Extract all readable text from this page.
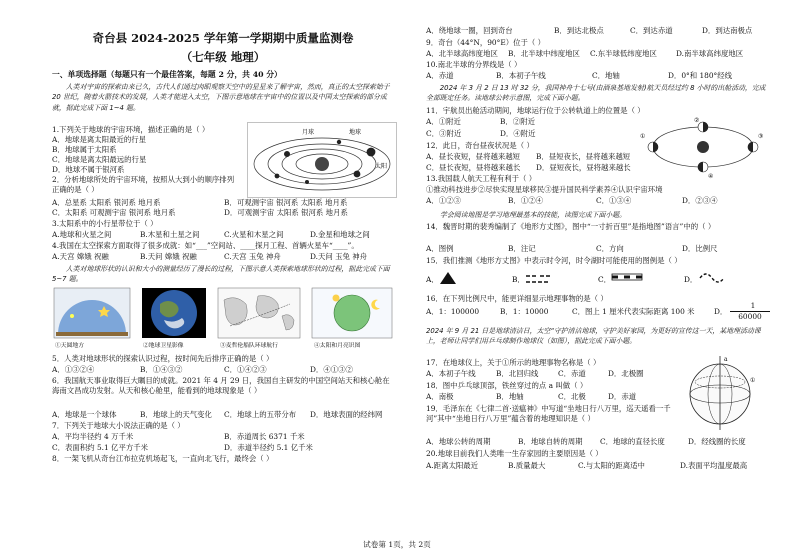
奇台县 2024-2025 学年第一学期期中质量监测卷
（七年级 地理）
一、单项选择题（每题只有一个最佳答案，每题 2 分，共 40 分）
人类对宇宙的探索由来已久，古代人们通过肉眼观察天空中的星星来了解宇宙，然而，真正的太空探索始于 20 世纪，随着火箭技术的发展，人类才能进入太空，下图示意地球在宇宙中的位置以及中国太空探索的部分成就，据此完成下面 1~4 题。
1.下列关于地球的宇宙环境，描述正确的是（ ）
A．地球是离太阳最近的行星
B．地球属于太阳系
C．地球是离太阳最远的行星
D．地球不属于银河系
2．分析地球所处的宇宙环境，按照从大到小的顺序排列正确的是（ ）
月球	地球
太阳
A．总星系 太阳系 银河系 地月系	B．可观测宇宙 银河系 太阳系 地月系
C．太阳系 可观测宇宙 银河系 地月系	D．可观测宇宙 太阳系 银河系 地月系
3.太阳系中的小行星带位于（ ）
A.地球和火星之间	B.木星和土星之间	C.火星和木星之间	D.金星和地球之间
4.我国在太空探索方面取得了很多成就：如“___”空间站、____探月工程、首辆火星车“____”。
A.天宫 嫦娥 祝融	B.天问 嫦娥 祝融	C.天宫 玉兔 神舟	D.天问 玉兔 神舟
人类对地球形状的认识和大小的测量经历了漫长的过程，下图示意人类探索地球形状的过程，据此完成下面 5~7 题。
①天圆地方	②地球卫星影像	③麦哲伦船队环球航行	④太阳和月亮识图
5．人类对地球形状的探索认识过程，按时间先后排序正确的是（ ）
A．①③②④	B．①④③②	C．①④②③	D．④①③②
6．我国航天事业取得巨大瞩目的成就。2021 年 4 月 29 日，我国自主研发的中国空间站天和核心舱在海南文昌成功发射。从天和核心舱里，能看到的地球现象是（ ）
A．地球是一个球体	B．地球上的天气变化 C．地球上的五带分布 D．地球表面的经纬网
7．下列关于地球大小说法正确的是（ ）
A．平均半径约 4 万千米	B．赤道周长 6371 千米
C．表面积约 5.1 亿平方千米	D．赤道半径约 5.1 亿千米
8．一架飞机从奇台江布拉克机场起飞，一直向北飞行，最终会（ ）
A．绕地球一圈，回到奇台	B．到达北极点	C．到达赤道	D．到达南极点
9．奇台（44°N，90°E）位于（ ）
A．北半球高纬度地区 B．北半球中纬度地区 C.东半球低纬度地区	D.南半球高纬度地区
10.南北半球的分界线是（ ）
A．赤道	B．本初子午线	C．地轴	D．0°和 180°经线
2024 年 3 月 2 日 13 时 32 分，我国神舟十七号(由酒泉基地发射)航天员经过约 8 小时的出舱活动，完成全部既定任务。读地球公转示意图，完成下面小题。
11．宇航员出舱活动期间，地球运行位于公转轨道上的位置是（ ）
A．①附近	B．②附近
C．③附近	D．④附近	①
②
③
④
12．此日，奇台昼夜状况是（ ）
A．昼长夜短，昼将越来越短 B．昼短夜长，昼将越来越短
C．昼长夜短，昼将越来越长 D．昼短夜长，昼将越来越长
13.我国载人航天工程有利于（ ）
①推动科技进步②尽快实现星球移民③提升国民科学素养④认识宇宙环境
A．①②③	B．①②④	C．①③④	D．②③④
学会阅读地图是学习地理最基本的技能，读图完成下面小题。
14．魏晋时期的裴秀编制了《地形方丈图》，图中“一寸折百里”是指地图”语言”中的（ ）
A．图例	B．注记	C．方向	D．比例尺
15．我们推测《地形方丈图》中表示时令河，时令湖时可能使用的图例是（ ）
A．	B．	C．	D．
16．在下列比例尺中，能更详细显示地理事物的是（ ）
A．1：100000	B．1：10000	C．图上 1 厘米代表实际距离 100 米	D．
1
60000
2024 年 9 月 21 日是地球清洁日，太空“守护清洁地球，守护美好家园，为更好的宣传这一天，某地理活动课上，老师让同学们用乒乓球制作地球仪（如图），据此完成下面小题。
17．在地球仪上，关于①所示的地理事物名称是（ ）
A．本初子午线	B．北回归线	C．赤道	D．北极圈
a
①
18．图中乒乓球顶部，铁丝穿过的点 a 叫做（ ）
A．南极	B．地轴	C．北极	D．赤道
19．毛泽东在《七律二首·送瘟神》中写道“坐地日行八万里，巡天遥看一千河”其中“坐地日行八万里”蕴含着的地理知识是（ ）
A．地球公转的周期	B．地球自转的周期 C．地球的直径长度	D．经线圈的长度
20.地球目前我们人类唯一生存家园的主要原因是（ ）
A.距离太阳最近	B.质量最大	C.与太阳的距离适中	D.表面平均温度最高
试卷第 1页，共 2页
